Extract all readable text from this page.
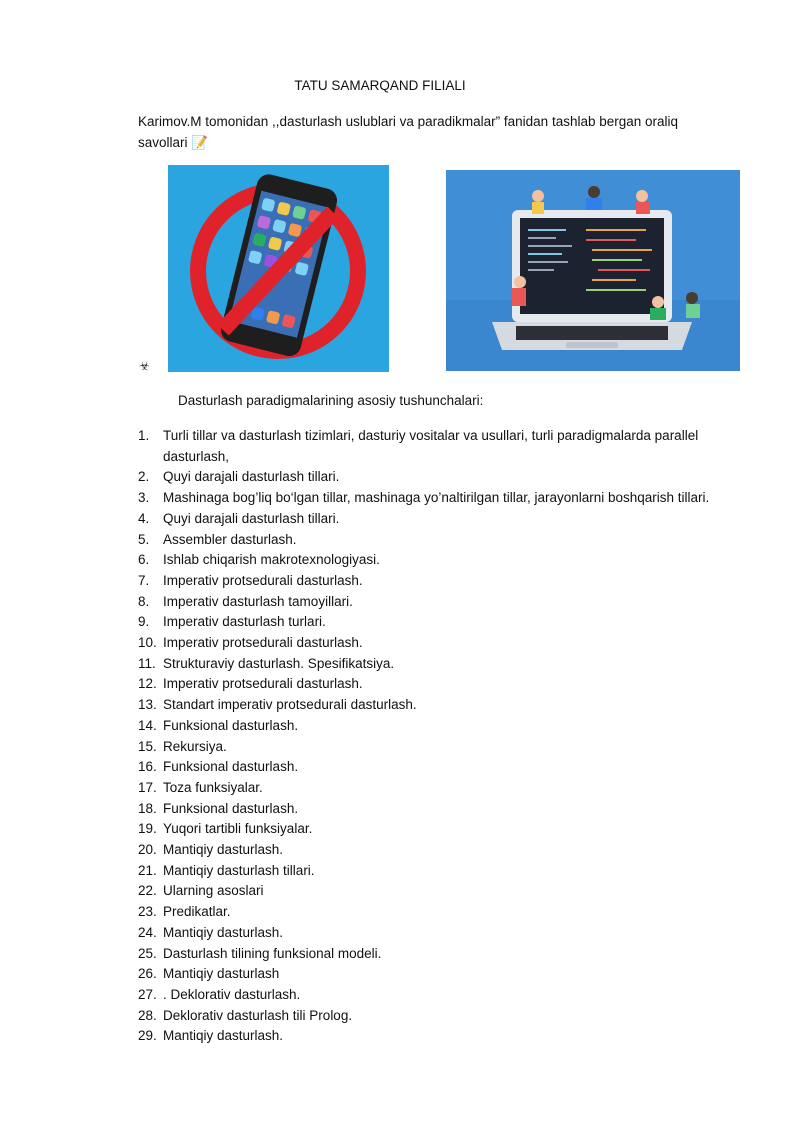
TATU SAMARQAND FILIALI
Karimov.M tomonidan ,,dasturlash uslublari va paradikmalar” fanidan tashlab bergan oraliq savollari 📝
☣
Dasturlash paradigmalarining asosiy tushunchalari:
1. Turli tillar va dasturlash tizimlari, dasturiy vositalar va usullari, turli paradigmalarda parallel dasturlash,
2. Quyi darajali dasturlash tillari.
3. Mashinaga bog’liq bo‘lgan tillar, mashinaga yo’naltirilgan tillar, jarayonlarni boshqarish tillari.
4. Quyi darajali dasturlash tillari.
5. Assembler dasturlash.
6. Ishlab chiqarish makrotexnologiyasi.
7. Imperativ protsedurali dasturlash.
8. Imperativ dasturlash tamoyillari.
9. Imperativ dasturlash turlari.
10. Imperativ protsedurali dasturlash.
11. Strukturaviy dasturlash. Spesifikatsiya.
12. Imperativ protsedurali dasturlash.
13. Standart imperativ protsedurali dasturlash.
14. Funksional dasturlash.
15. Rekursiya.
16. Funksional dasturlash.
17. Toza funksiyalar.
18. Funksional dasturlash.
19. Yuqori tartibli funksiyalar.
20. Mantiqiy dasturlash.
21. Mantiqiy dasturlash tillari.
22. Ularning asoslari
23. Predikatlar.
24. Mantiqiy dasturlash.
25. Dasturlash tilining funksional modeli.
26. Mantiqiy dasturlash
27. . Deklorativ dasturlash.
28. Deklorativ dasturlash tili Prolog.
29. Mantiqiy dasturlash.
